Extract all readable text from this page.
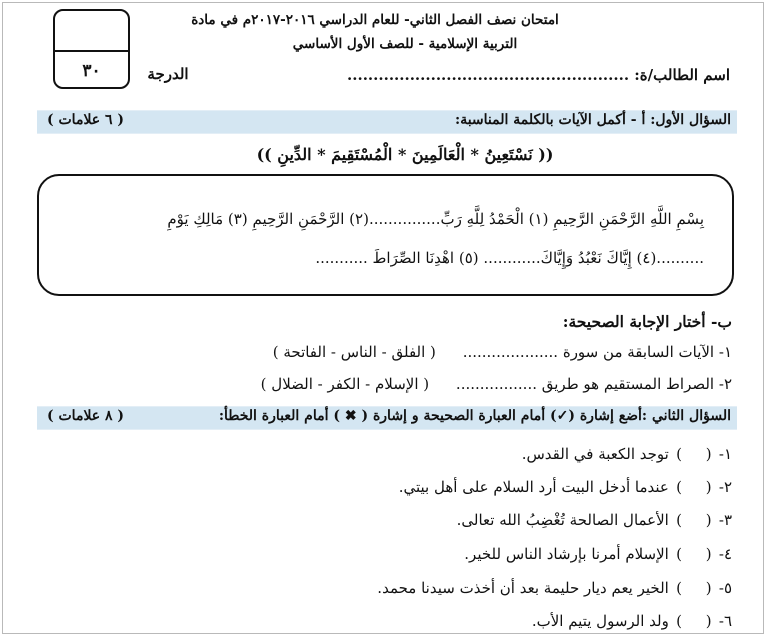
٣٠
امتحان نصف الفصل الثاني- للعام الدراسي ٢٠١٦-٢٠١٧م في مادة
التربية الإسلامية - للصف الأول الأساسي
الدرجة	اسم الطالب/ة: ......................................................
السؤال الأول: أ - أكمل الآيات بالكلمة المناسبة:
( ٦ علامات )
(( نَسْتَعِينُ * الْعَالَمِينَ * الْمُسْتَقِيمَ * الدِّينِ ))
بِسْمِ اللَّهِ الرَّحْمَنِ الرَّحِيمِ (١) الْحَمْدُ لِلَّهِ رَبِّ...............(٢) الرَّحْمَنِ الرَّحِيمِ (٣) مَالِكِ يَوْمِ
..........(٤) إِيَّاكَ نَعْبُدُ وَإِيَّاكَ............ (٥) اهْدِنَا الصِّرَاطَ ...........
ب- أختار الإجابة الصحيحة:
١- الآيات السابقة من سورة .................... ( الفلق - الناس - الفاتحة )
٢- الصراط المستقيم هو طريق ................. ( الإسلام - الكفر - الضلال )
السؤال الثاني :أضع إشارة (✓) أمام العبارة الصحيحة و إشارة ( ✖ ) أمام العبارة الخطأ:
( ٨ علامات )
١-(     )توجد الكعبة في القدس.
٢-(     )عندما أدخل البيت أرد السلام على أهل بيتي.
٣-(     )الأعمال الصالحة تُغْضِبُ الله تعالى.
٤-(     )الإسلام أمرنا بإرشاد الناس للخير.
٥-(     )الخير يعم ديار حليمة بعد أن أخذت سيدنا محمد.
٦-(     )ولد الرسول يتيم الأب.
